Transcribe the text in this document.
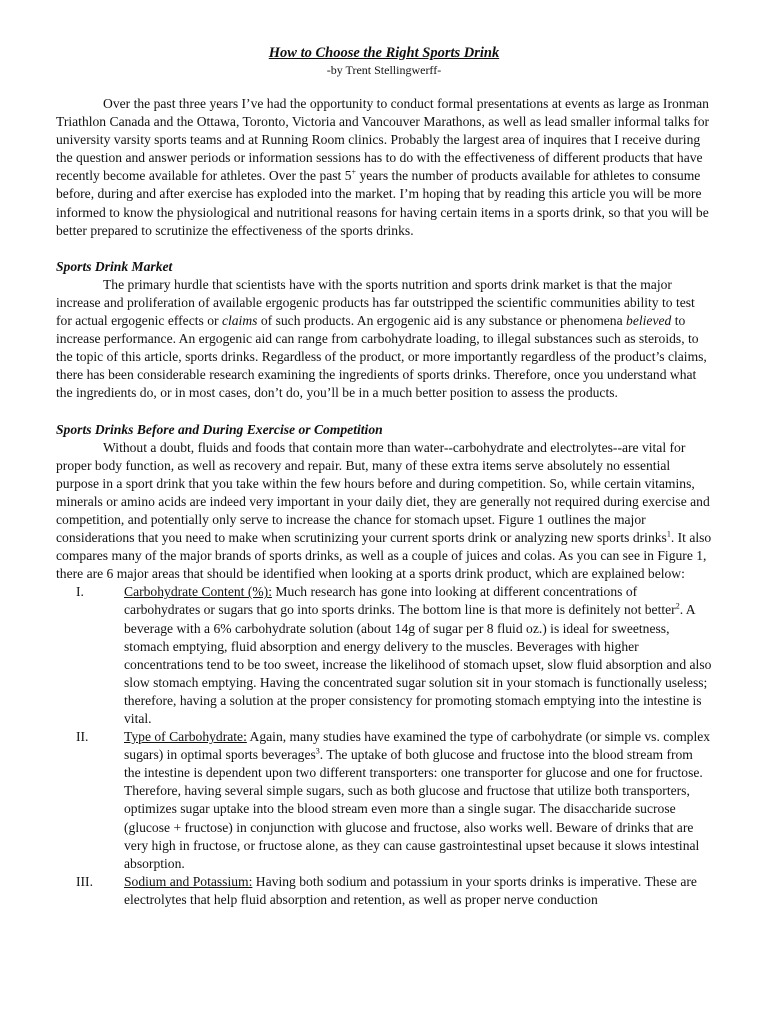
How to Choose the Right Sports Drink
-by Trent Stellingwerff-

Over the past three years I’ve had the opportunity to conduct formal presentations at events as large as Ironman Triathlon Canada and the Ottawa, Toronto, Victoria and Vancouver Marathons, as well as lead smaller informal talks for university varsity sports teams and at Running Room clinics. Probably the largest area of inquires that I receive during the question and answer periods or information sessions has to do with the effectiveness of different products that have recently become available for athletes. Over the past 5+ years the number of products available for athletes to consume before, during and after exercise has exploded into the market. I’m hoping that by reading this article you will be more informed to know the physiological and nutritional reasons for having certain items in a sports drink, so that you will be better prepared to scrutinize the effectiveness of the sports drinks.

Sports Drink Market

The primary hurdle that scientists have with the sports nutrition and sports drink market is that the major increase and proliferation of available ergogenic products has far outstripped the scientific communities ability to test for actual ergogenic effects or claims of such products. An ergogenic aid is any substance or phenomena believed to increase performance. An ergogenic aid can range from carbohydrate loading, to illegal substances such as steroids, to the topic of this article, sports drinks. Regardless of the product, or more importantly regardless of the product’s claims, there has been considerable research examining the ingredients of sports drinks. Therefore, once you understand what the ingredients do, or in most cases, don’t do, you’ll be in a much better position to assess the products.

Sports Drinks Before and During Exercise or Competition

Without a doubt, fluids and foods that contain more than water--carbohydrate and electrolytes--are vital for proper body function, as well as recovery and repair. But, many of these extra items serve absolutely no essential purpose in a sport drink that you take within the few hours before and during competition. So, while certain vitamins, minerals or amino acids are indeed very important in your daily diet, they are generally not required during exercise and competition, and potentially only serve to increase the chance for stomach upset. Figure 1 outlines the major considerations that you need to make when scrutinizing your current sports drink or analyzing new sports drinks$^1$. It also compares many of the major brands of sports drinks, as well as a couple of juices and colas. As you can see in Figure 1, there are 6 major areas that should be identified when looking at a sports drink product, which are explained below:

I.	Carbohydrate Content (%): Much research has gone into looking at different concentrations of carbohydrates or sugars that go into sports drinks. The bottom line is that more is definitely not better$^2$. A beverage with a 6% carbohydrate solution (about 14g of sugar per 8 fluid oz.) is ideal for sweetness, stomach emptying, fluid absorption and energy delivery to the muscles. Beverages with higher concentrations tend to be too sweet, increase the likelihood of stomach upset, slow fluid absorption and also slow stomach emptying. Having the concentrated sugar solution sit in your stomach is functionally useless; therefore, having a solution at the proper consistency for promoting stomach emptying into the intestine is vital.
II.	Type of Carbohydrate: Again, many studies have examined the type of carbohydrate (or simple vs. complex sugars) in optimal sports beverages$^3$. The uptake of both glucose and fructose into the blood stream from the intestine is dependent upon two different transporters: one transporter for glucose and one for fructose. Therefore, having several simple sugars, such as both glucose and fructose that utilize both transporters, optimizes sugar uptake into the blood stream even more than a single sugar. The disaccharide sucrose (glucose + fructose) in conjunction with glucose and fructose, also works well. Beware of drinks that are very high in fructose, or fructose alone, as they can cause gastrointestinal upset because it slows intestinal absorption.
III. Sodium and Potassium: Having both sodium and potassium in your sports drinks is imperative. These are electrolytes that help fluid absorption and retention, as well as proper nerve conduction
